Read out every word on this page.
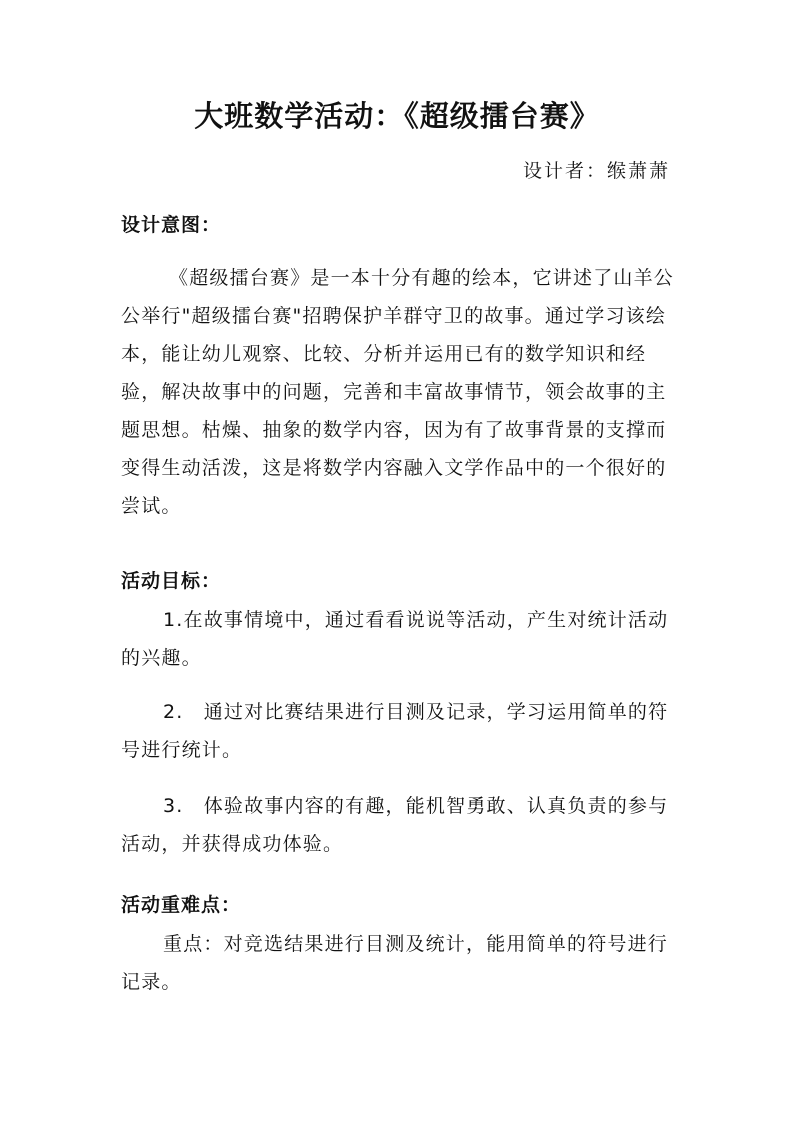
大班数学活动：《超级擂台赛》
设计者：缑萧萧
设计意图：

《超级擂台赛》是一本十分有趣的绘本，它讲述了山羊公公举行"超级擂台赛"招聘保护羊群守卫的故事。通过学习该绘本，能让幼儿观察、比较、分析并运用已有的数学知识和经验，解决故事中的问题，完善和丰富故事情节，领会故事的主题思想。枯燥、抽象的数学内容，因为有了故事背景的支撑而变得生动活泼，这是将数学内容融入文学作品中的一个很好的尝试。

活动目标：

1.在故事情境中，通过看看说说等活动，产生对统计活动的兴趣。

2.　通过对比赛结果进行目测及记录，学习运用简单的符号进行统计。

3.　体验故事内容的有趣，能机智勇敢、认真负责的参与活动，并获得成功体验。

活动重难点：

重点：对竞选结果进行目测及统计，能用简单的符号进行记录。
